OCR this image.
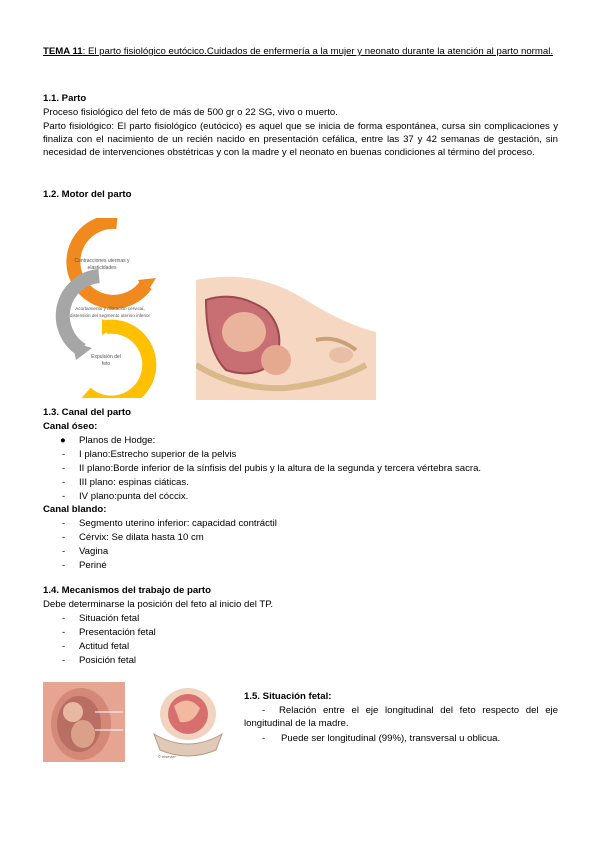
TEMA 11: El parto fisiológico eutócico.Cuidados de enfermería a la mujer y neonato durante la atención al parto normal.
1.1. Parto
Proceso fisiológico del feto de más de 500 gr o 22 SG, vivo o muerto.
Parto fisiológico: El parto fisiológico (eutócico) es aquel que se inicia de forma espontánea, cursa sin complicaciones y finaliza con el nacimiento de un recién nacido en presentación cefálica, entre las 37 y 42 semanas de gestación, sin necesidad de intervenciones obstétricas y con la madre y el neonato en buenas condiciones al término del proceso.
1.2. Motor del parto
Contracciones uterinas y
elasticidades
Acortamiento y dilatación cervical,
distensión del segmento uterino inferior
Expulsión del
feto
1.3. Canal del parto
Canal óseo:
● Planos de Hodge:
- I plano:Estrecho superior de la pelvis
- II plano:Borde inferior de la sínfisis del pubis y la altura de la segunda y tercera vértebra sacra.
- III plano: espinas ciáticas.
- IV plano:punta del cóccix.
Canal blando:
- Segmento uterino inferior: capacidad contráctil
- Cérvix: Se dilata hasta 10 cm
- Vagina
- Periné
1.4. Mecanismos del trabajo de parto
Debe determinarse la posición del feto al inicio del TP.
- Situación fetal
- Presentación fetal
- Actitud fetal
- Posición fetal
© elsevier
1.5. Situación fetal:
-	Relación entre el eje longitudinal del feto respecto del eje longitudinal de la madre.
- Puede ser longitudinal (99%), transversal u oblicua.
